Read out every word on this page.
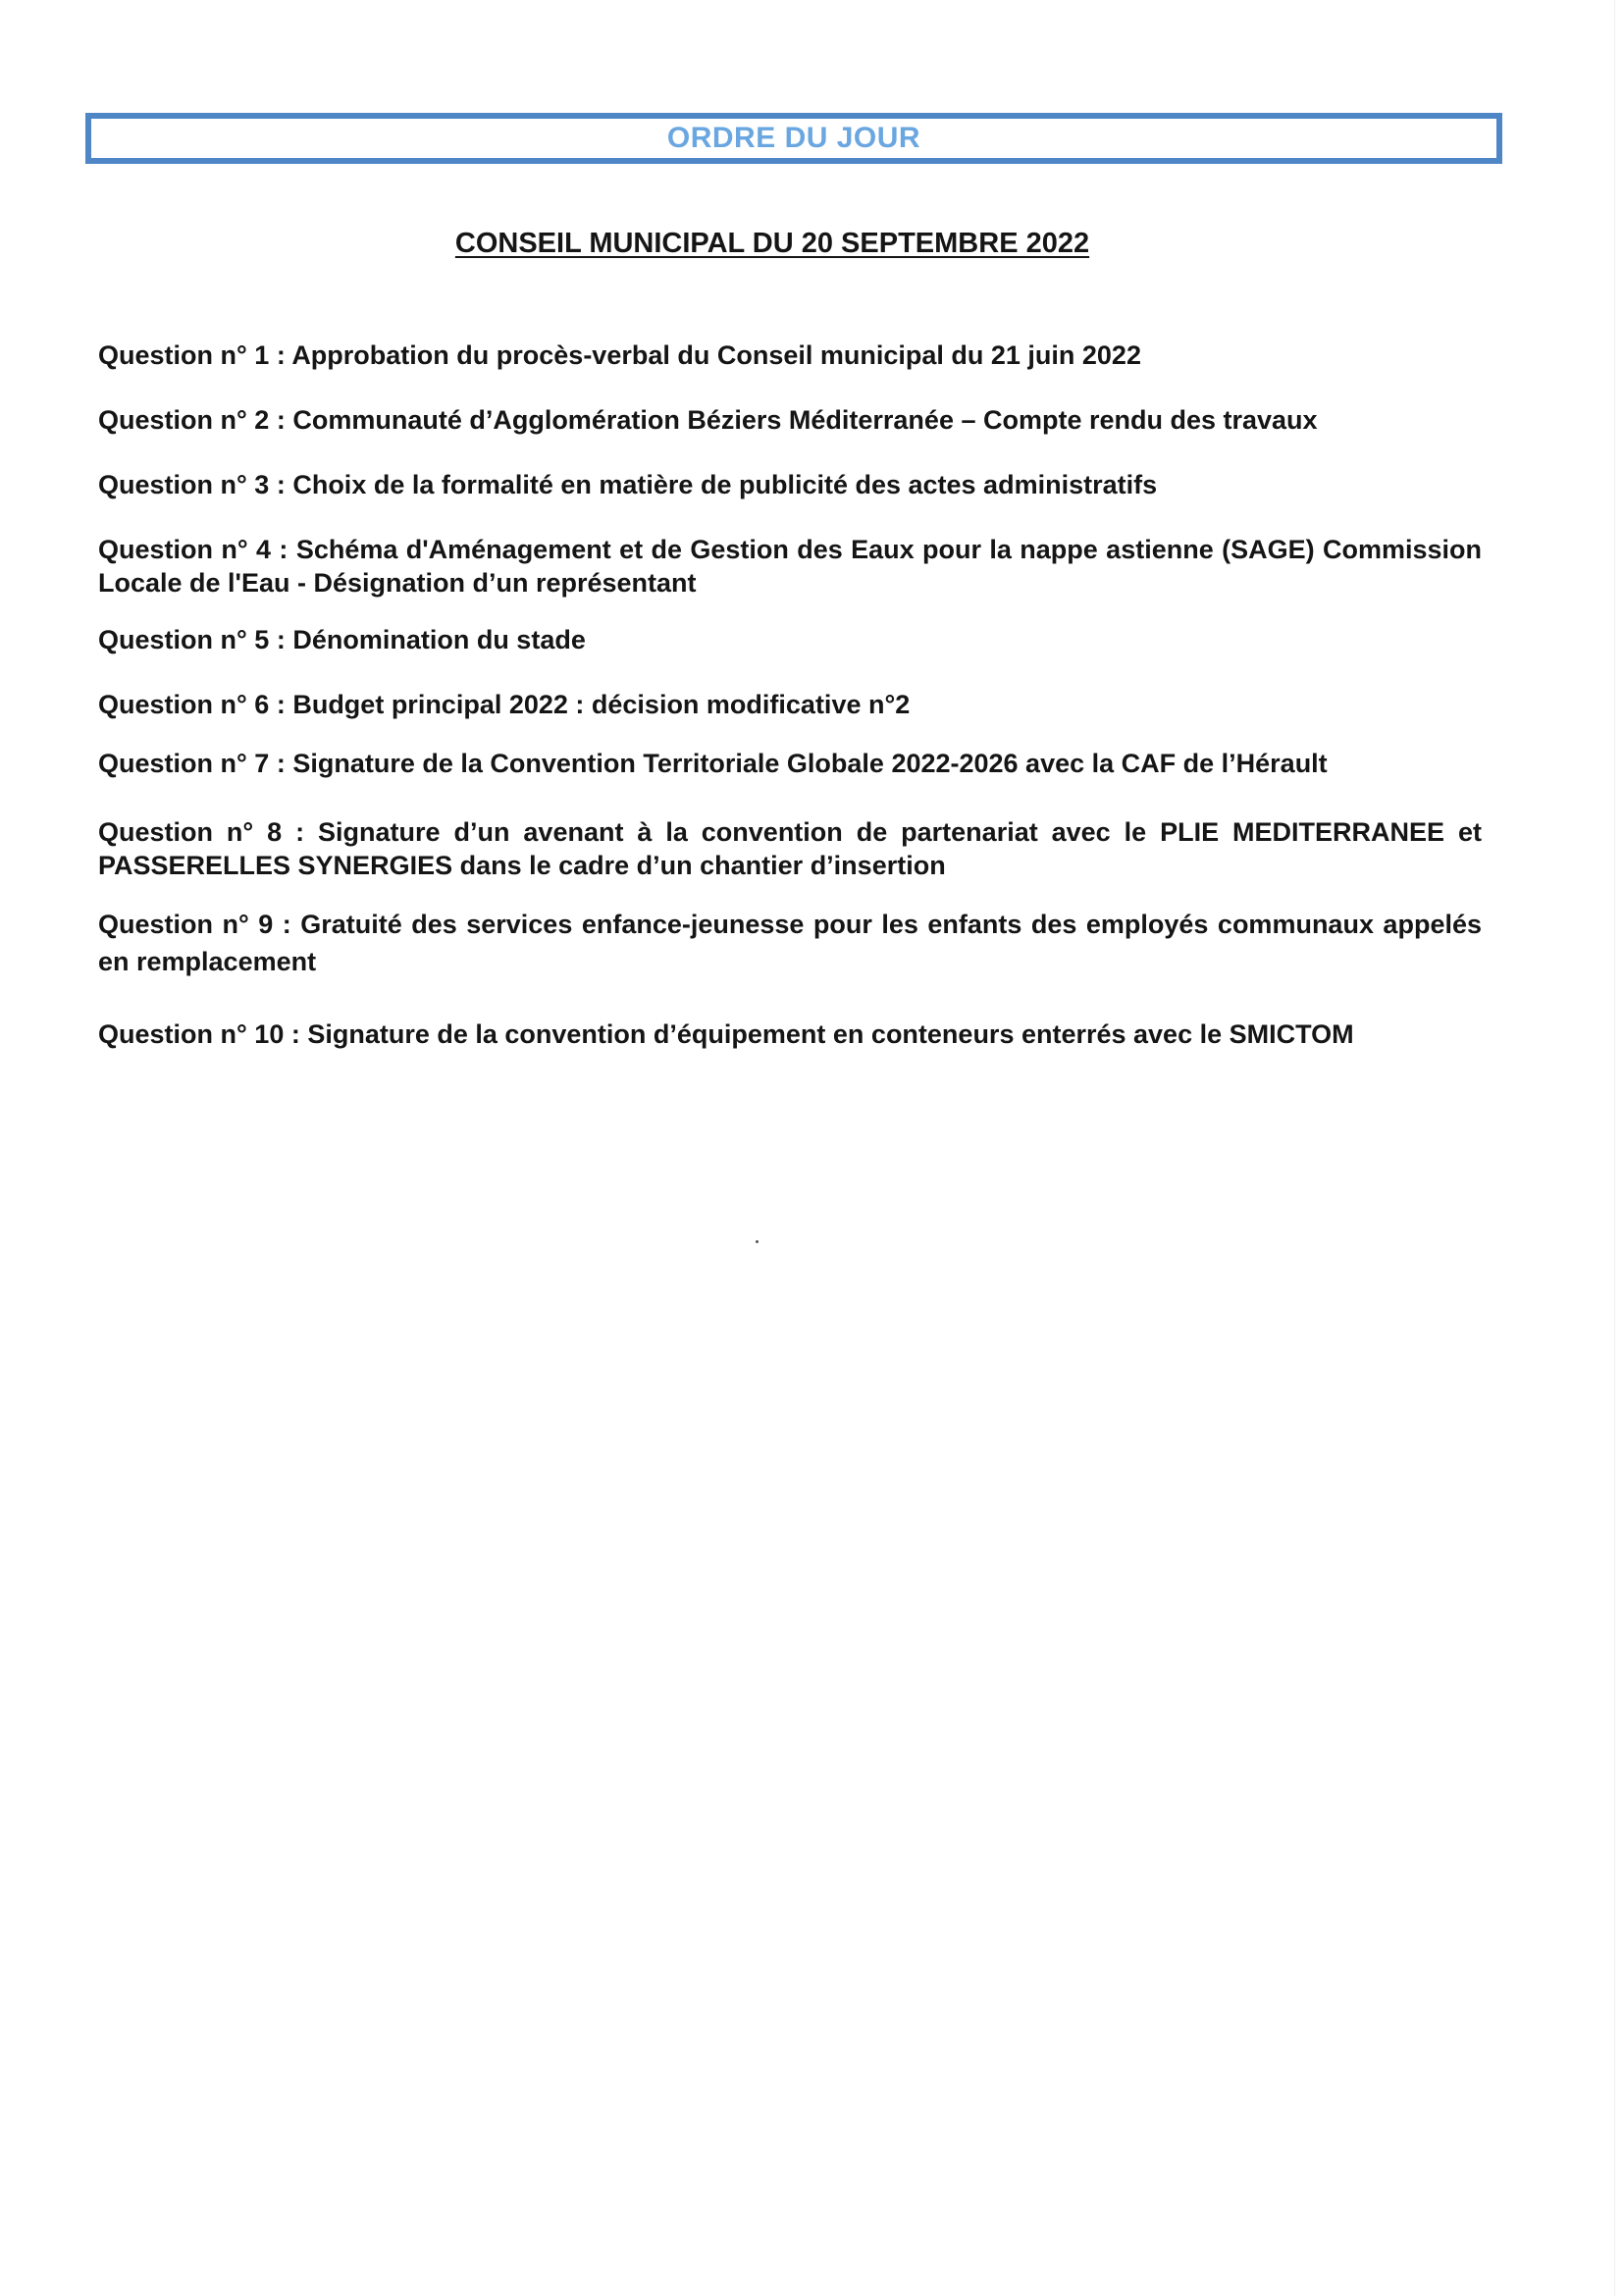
ORDRE DU JOUR
CONSEIL MUNICIPAL DU 20 SEPTEMBRE 2022
Question n° 1 : Approbation du procès-verbal du Conseil municipal du 21 juin 2022
Question n° 2 : Communauté d’Agglomération Béziers Méditerranée – Compte rendu des travaux
Question n° 3 : Choix de la formalité en matière de publicité des actes administratifs
Question n° 4 : Schéma d'Aménagement et de Gestion des Eaux pour la nappe astienne (SAGE) Commission Locale de l'Eau - Désignation d’un représentant
Question n° 5 : Dénomination du stade
Question n° 6 : Budget principal 2022 : décision modificative n°2
Question n° 7 : Signature de la Convention Territoriale Globale 2022-2026 avec la CAF de l’Hérault
Question n° 8 : Signature d’un avenant à la convention de partenariat avec le PLIE MEDITERRANEE et PASSERELLES SYNERGIES dans le cadre d’un chantier d’insertion
Question n° 9 : Gratuité des services enfance-jeunesse pour les enfants des employés communaux appelés en remplacement
Question n° 10 : Signature de la convention d’équipement en conteneurs enterrés avec le SMICTOM
